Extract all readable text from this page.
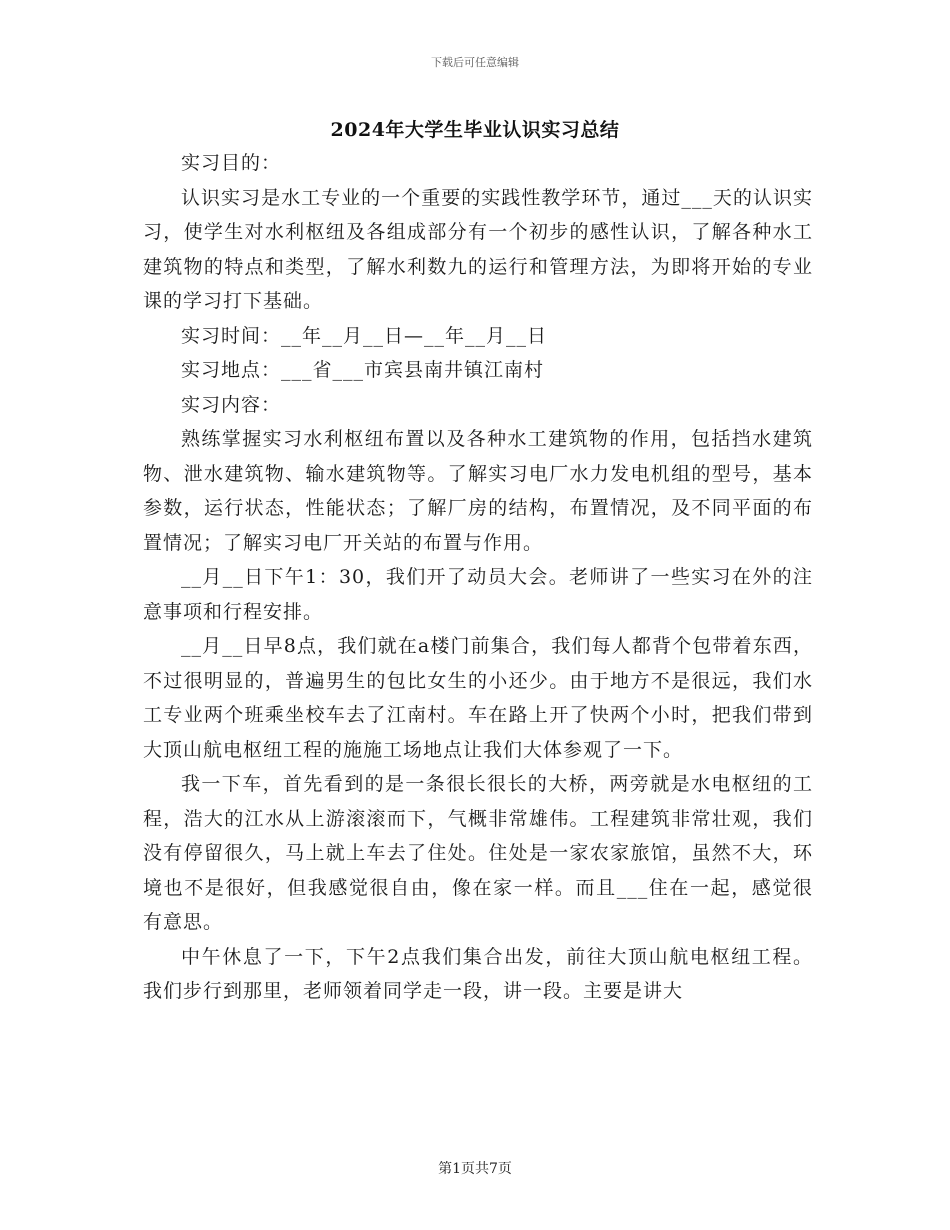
下载后可任意编辑
2024年大学生毕业认识实习总结

实习目的：

认识实习是水工专业的一个重要的实践性教学环节，通过___天的认识实习，使学生对水利枢纽及各组成部分有一个初步的感性认识，了解各种水工建筑物的特点和类型，了解水利数九的运行和管理方法，为即将开始的专业课的学习打下基础。

实习时间：__年__月__日—__年__月__日

实习地点：___省___市宾县南井镇江南村

实习内容：

熟练掌握实习水利枢纽布置以及各种水工建筑物的作用，包括挡水建筑物、泄水建筑物、输水建筑物等。了解实习电厂水力发电机组的型号，基本参数，运行状态，性能状态；了解厂房的结构，布置情况，及不同平面的布置情况；了解实习电厂开关站的布置与作用。

__月__日下午1：30，我们开了动员大会。老师讲了一些实习在外的注意事项和行程安排。

__月__日早8点，我们就在a楼门前集合，我们每人都背个包带着东西，不过很明显的，普遍男生的包比女生的小还少。由于地方不是很远，我们水工专业两个班乘坐校车去了江南村。车在路上开了快两个小时，把我们带到大顶山航电枢纽工程的施施工场地点让我们大体参观了一下。

我一下车，首先看到的是一条很长很长的大桥，两旁就是水电枢纽的工程，浩大的江水从上游滚滚而下，气概非常雄伟。工程建筑非常壮观，我们没有停留很久，马上就上车去了住处。住处是一家农家旅馆，虽然不大，环境也不是很好，但我感觉很自由，像在家一样。而且___住在一起，感觉很有意思。

中午休息了一下，下午2点我们集合出发，前往大顶山航电枢纽工程。我们步行到那里，老师领着同学走一段，讲一段。主要是讲大

第1页共7页
